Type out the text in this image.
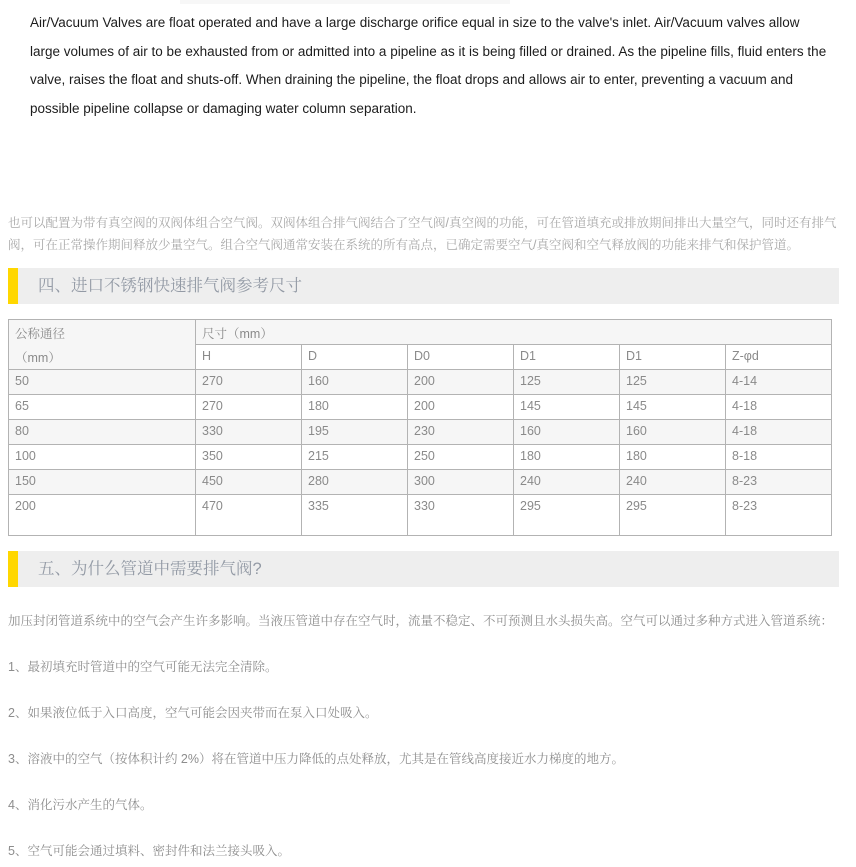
Air/Vacuum Valves are float operated and have a large discharge orifice equal in size to the valve's inlet. Air/Vacuum valves allow large volumes of air to be exhausted from or admitted into a pipeline as it is being filled or drained. As the pipeline fills, fluid enters the valve, raises the float and shuts-off. When draining the pipeline, the float drops and allows air to enter, preventing a vacuum and possible pipeline collapse or damaging water column separation.

也可以配置为带有真空阀的双阀体组合空气阀。双阀体组合排气阀结合了空气阀/真空阀的功能，可在管道填充或排放期间排出大量空气，同时还有排气阀，可在正常操作期间释放少量空气。组合空气阀通常安装在系统的所有高点，已确定需要空气/真空阀和空气释放阀的功能来排气和保护管道。

四、进口不锈钢快速排气阀参考尺寸
公称通径
（mm）	尺寸（mm）					
	H	D	D0	D1	D1	Z-φd
50	270	160	200	125	125	4-14
65	270	180	200	145	145	4-18
80	330	195	230	160	160	4-18
100	350	215	250	180	180	8-18
150	450	280	300	240	240	8-23
200	470	335	330	295	295	8-23
五、为什么管道中需要排气阀?

加压封闭管道系统中的空气会产生许多影响。当液压管道中存在空气时，流量不稳定、不可预测且水头损失高。空气可以通过多种方式进入管道系统：

1、最初填充时管道中的空气可能无法完全清除。

2、如果液位低于入口高度，空气可能会因夹带而在泵入口处吸入。

3、溶液中的空气（按体积计约 2%）将在管道中压力降低的点处释放，尤其是在管线高度接近水力梯度的地方。

4、消化污水产生的气体。

5、空气可能会通过填料、密封件和法兰接头吸入。
